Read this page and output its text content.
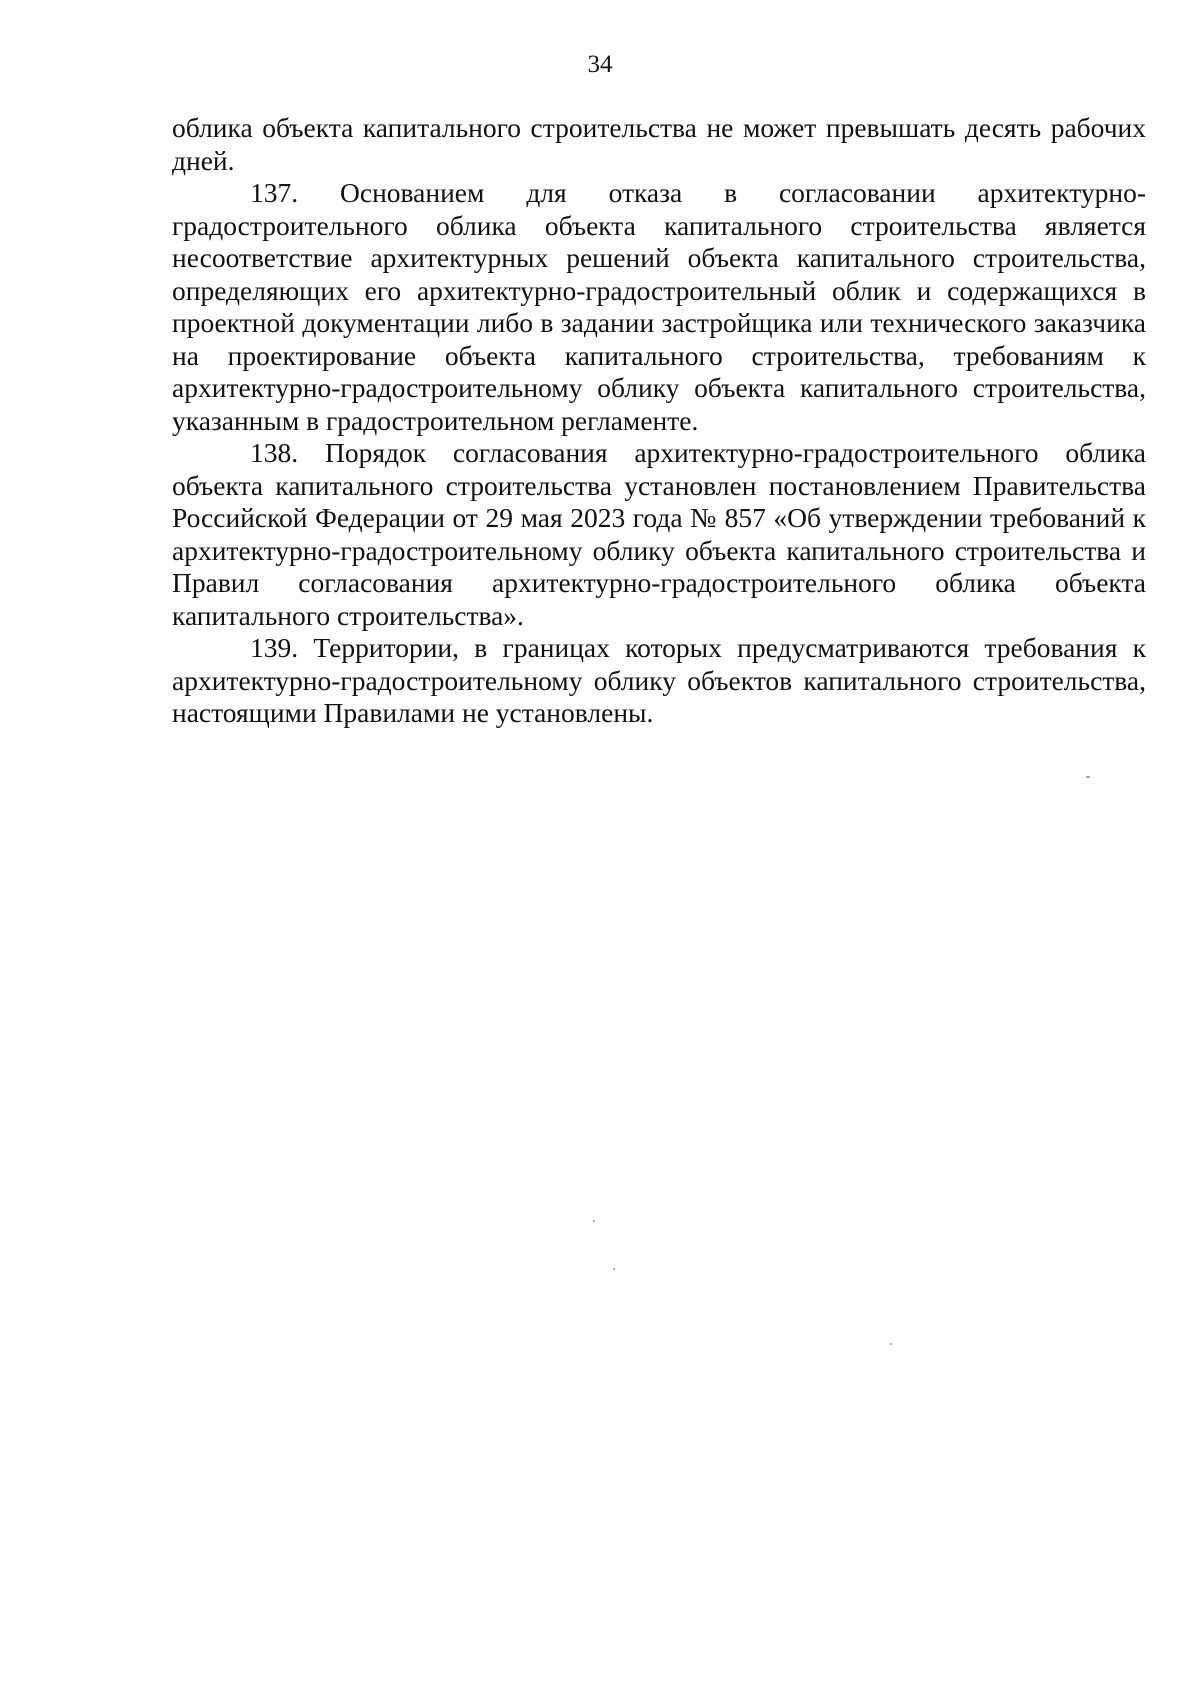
34

облика объекта капитального строительства не может превышать десять рабочих дней.

137. Основанием для отказа в согласовании архитектурно-градостроительного облика объекта капитального строительства является несоответствие архитектурных решений объекта капитального строительства, определяющих его архитектурно-градостроительный облик и содержащихся в проектной документации либо в задании застройщика или технического заказчика на проектирование объекта капитального строительства, требованиям к архитектурно-градостроительному облику объекта капитального строительства, указанным в градостроительном регламенте.

138. Порядок согласования архитектурно-градостроительного облика объекта капитального строительства установлен постановлением Правительства Российской Федерации от 29 мая 2023 года № 857 «Об утверждении требований к архитектурно-градостроительному облику объекта капитального строительства и Правил согласования архитектурно-градостроительного облика объекта капитального строительства».

139. Территории, в границах которых предусматриваются требования к архитектурно-градостроительному облику объектов капитального строительства, настоящими Правилами не установлены.
